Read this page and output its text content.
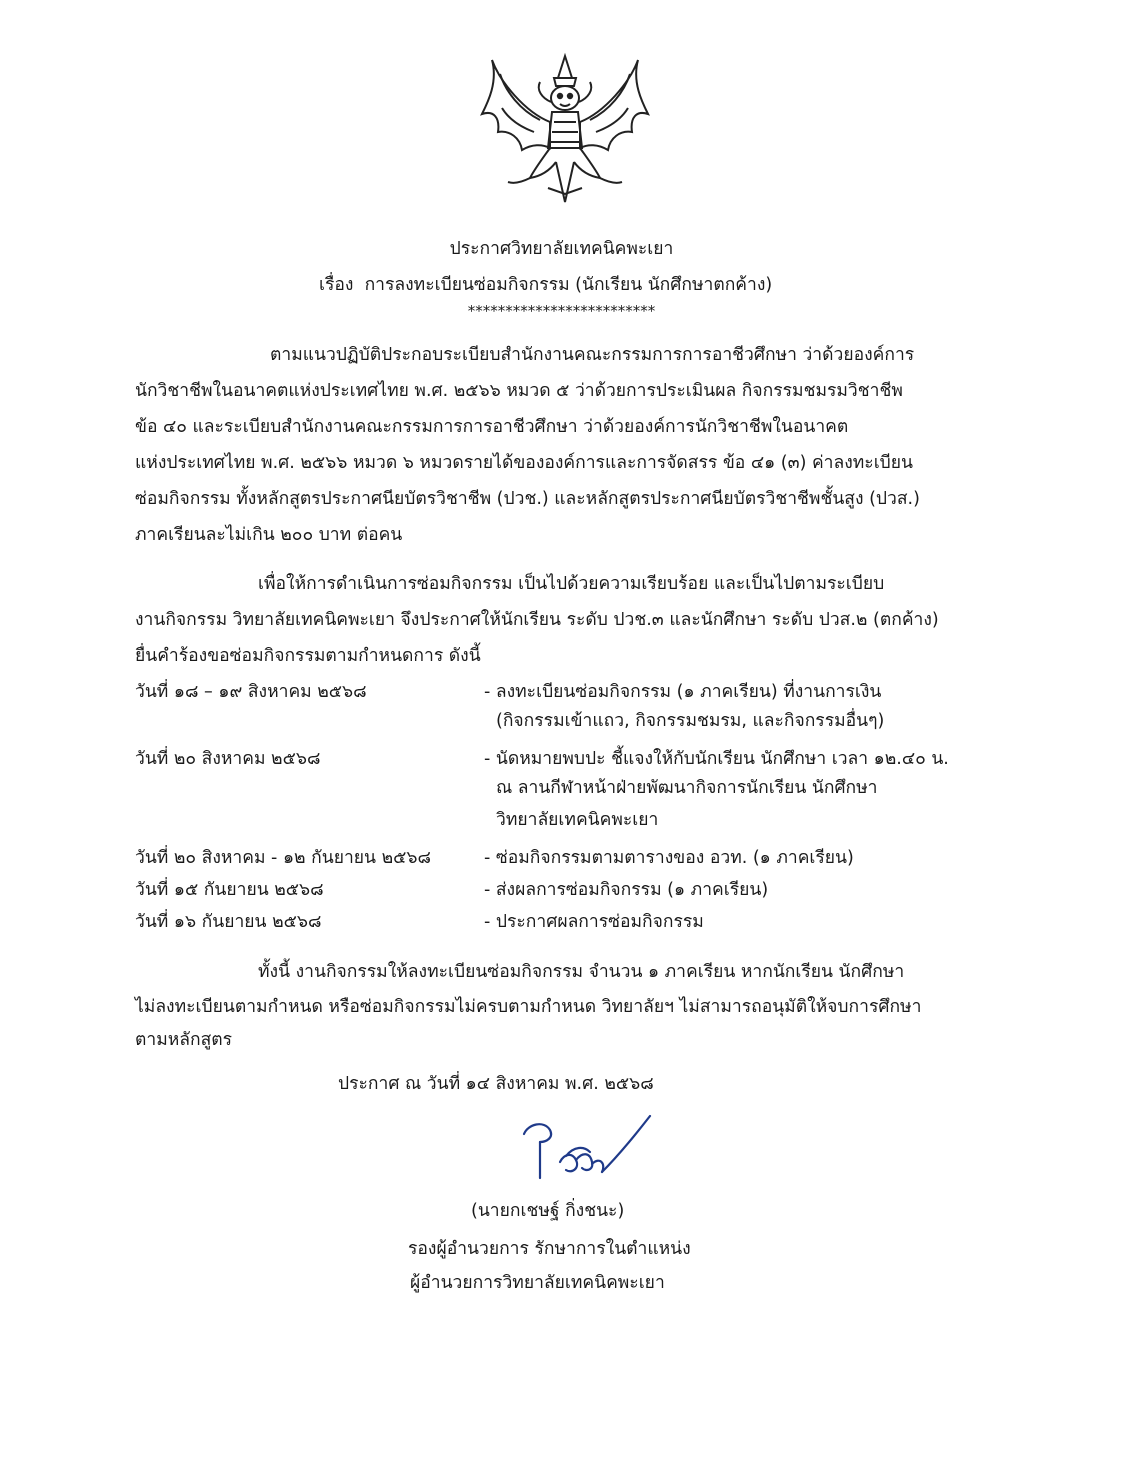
ประกาศวิทยาลัยเทคนิคพะเยา
เรื่อง การลงทะเบียนซ่อมกิจกรรม (นักเรียน นักศึกษาตกค้าง)
*************************
ตามแนวปฏิบัติประกอบระเบียบสำนักงานคณะกรรมการการอาชีวศึกษา ว่าด้วยองค์การ
นักวิชาชีพในอนาคตแห่งประเทศไทย พ.ศ. ๒๕๖๖ หมวด ๕ ว่าด้วยการประเมินผล กิจกรรมชมรมวิชาชีพ
ข้อ ๔๐ และระเบียบสำนักงานคณะกรรมการการอาชีวศึกษา ว่าด้วยองค์การนักวิชาชีพในอนาคต
แห่งประเทศไทย พ.ศ. ๒๕๖๖ หมวด ๖ หมวดรายได้ขององค์การและการจัดสรร ข้อ ๔๑ (๓) ค่าลงทะเบียน
ซ่อมกิจกรรม ทั้งหลักสูตรประกาศนียบัตรวิชาชีพ (ปวช.) และหลักสูตรประกาศนียบัตรวิชาชีพชั้นสูง (ปวส.)
ภาคเรียนละไม่เกิน ๒๐๐ บาท ต่อคน
เพื่อให้การดำเนินการซ่อมกิจกรรม เป็นไปด้วยความเรียบร้อย และเป็นไปตามระเบียบ
งานกิจกรรม วิทยาลัยเทคนิคพะเยา จึงประกาศให้นักเรียน ระดับ ปวช.๓ และนักศึกษา ระดับ ปวส.๒ (ตกค้าง)
ยื่นคำร้องขอซ่อมกิจกรรมตามกำหนดการ ดังนี้
วันที่ ๑๘ – ๑๙ สิงหาคม ๒๕๖๘	- ลงทะเบียนซ่อมกิจกรรม (๑ ภาคเรียน) ที่งานการเงิน
(กิจกรรมเข้าแถว, กิจกรรมชมรม, และกิจกรรมอื่นๆ)
วันที่ ๒๐ สิงหาคม ๒๕๖๘	- นัดหมายพบปะ ชี้แจงให้กับนักเรียน นักศึกษา เวลา ๑๒.๔๐ น.
ณ ลานกีฬาหน้าฝ่ายพัฒนากิจการนักเรียน นักศึกษา
วิทยาลัยเทคนิคพะเยา
วันที่ ๒๐ สิงหาคม - ๑๒ กันยายน ๒๕๖๘	- ซ่อมกิจกรรมตามตารางของ อวท. (๑ ภาคเรียน)
วันที่ ๑๕ กันยายน ๒๕๖๘	- ส่งผลการซ่อมกิจกรรม (๑ ภาคเรียน)
วันที่ ๑๖ กันยายน ๒๕๖๘	- ประกาศผลการซ่อมกิจกรรม
ทั้งนี้ งานกิจกรรมให้ลงทะเบียนซ่อมกิจกรรม จำนวน ๑ ภาคเรียน หากนักเรียน นักศึกษา
ไม่ลงทะเบียนตามกำหนด หรือซ่อมกิจกรรมไม่ครบตามกำหนด วิทยาลัยฯ ไม่สามารถอนุมัติให้จบการศึกษา
ตามหลักสูตร
ประกาศ ณ วันที่ ๑๔ สิงหาคม พ.ศ. ๒๕๖๘
(นายกเชษฐ์ กิ่งชนะ)
รองผู้อำนวยการ รักษาการในตำแหน่ง
ผู้อำนวยการวิทยาลัยเทคนิคพะเยา
